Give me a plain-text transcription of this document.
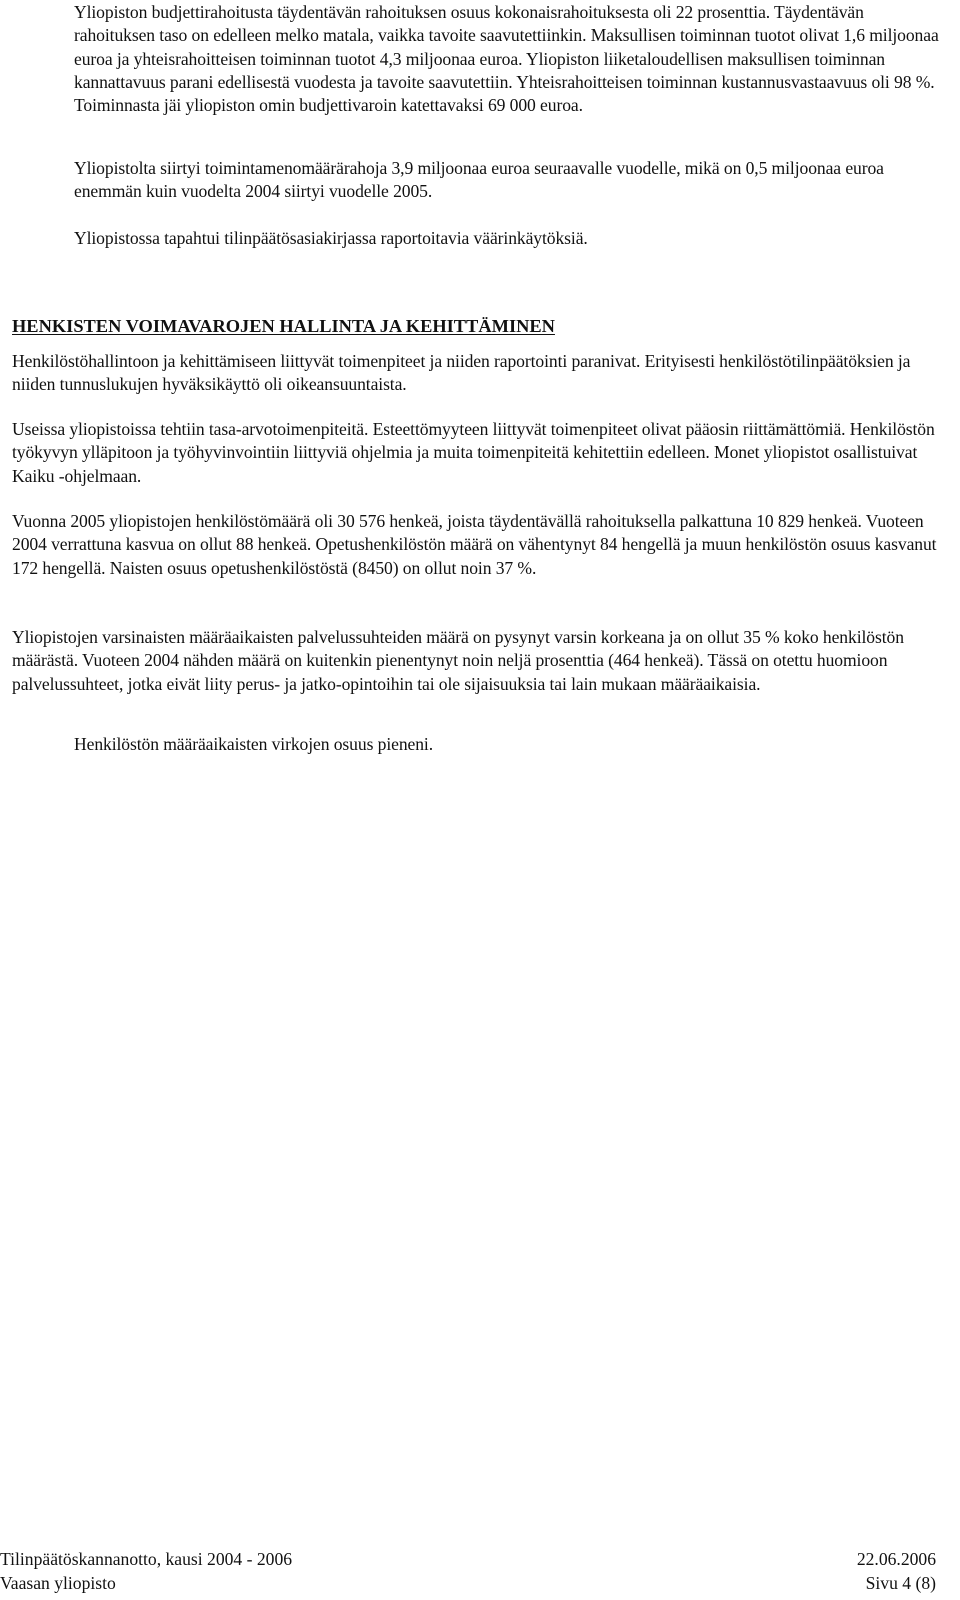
Yliopiston budjettirahoitusta täydentävän rahoituksen osuus kokonaisrahoituksesta oli 22 prosenttia. Täydentävän rahoituksen taso on edelleen melko matala, vaikka tavoite saavutettiinkin. Maksullisen toiminnan tuotot olivat 1,6 miljoonaa euroa ja yhteisrahoitteisen toiminnan tuotot 4,3 miljoonaa euroa. Yliopiston liiketaloudellisen maksullisen toiminnan kannattavuus parani edellisestä vuodesta ja tavoite saavutettiin. Yhteisrahoitteisen toiminnan kustannusvastaavuus oli 98 %. Toiminnasta jäi yliopiston omin budjettivaroin katettavaksi 69 000 euroa.

Yliopistolta siirtyi toimintamenomäärärahoja 3,9 miljoonaa euroa seuraavalle vuodelle, mikä on 0,5 miljoonaa euroa enemmän kuin vuodelta 2004 siirtyi vuodelle 2005.

Yliopistossa tapahtui tilinpäätösasiakirjassa raportoitavia väärinkäytöksiä.

HENKISTEN VOIMAVAROJEN HALLINTA JA KEHITTÄMINEN

Henkilöstöhallintoon ja kehittämiseen liittyvät toimenpiteet ja niiden raportointi paranivat. Erityisesti henkilöstötilinpäätöksien ja niiden tunnuslukujen hyväksikäyttö oli oikeansuuntaista.

Useissa yliopistoissa tehtiin tasa-arvotoimenpiteitä. Esteettömyyteen liittyvät toimenpiteet olivat pääosin riittämättömiä. Henkilöstön työkyvyn ylläpitoon ja työhyvinvointiin liittyviä ohjelmia ja muita toimenpiteitä kehitettiin edelleen. Monet yliopistot osallistuivat Kaiku -ohjelmaan.

Vuonna 2005 yliopistojen henkilöstömäärä oli 30 576 henkeä, joista täydentävällä rahoituksella palkattuna 10 829 henkeä. Vuoteen 2004 verrattuna kasvua on ollut 88 henkeä. Opetushenkilöstön määrä on vähentynyt 84 hengellä ja muun henkilöstön osuus kasvanut 172 hengellä. Naisten osuus opetushenkilöstöstä (8450) on ollut noin 37 %.

Yliopistojen varsinaisten määräaikaisten palvelussuhteiden määrä on pysynyt varsin korkeana ja on ollut 35 % koko henkilöstön määrästä. Vuoteen 2004 nähden määrä on kuitenkin pienentynyt noin neljä prosenttia (464 henkeä). Tässä on otettu huomioon palvelussuhteet, jotka eivät liity perus- ja jatko-opintoihin tai ole sijaisuuksia tai lain mukaan määräaikaisia.

Henkilöstön määräaikaisten virkojen osuus pieneni.

Tilinpäätöskannanotto, kausi 2004 - 2006	22.06.2006
Vaasan yliopisto	Sivu 4 (8)
